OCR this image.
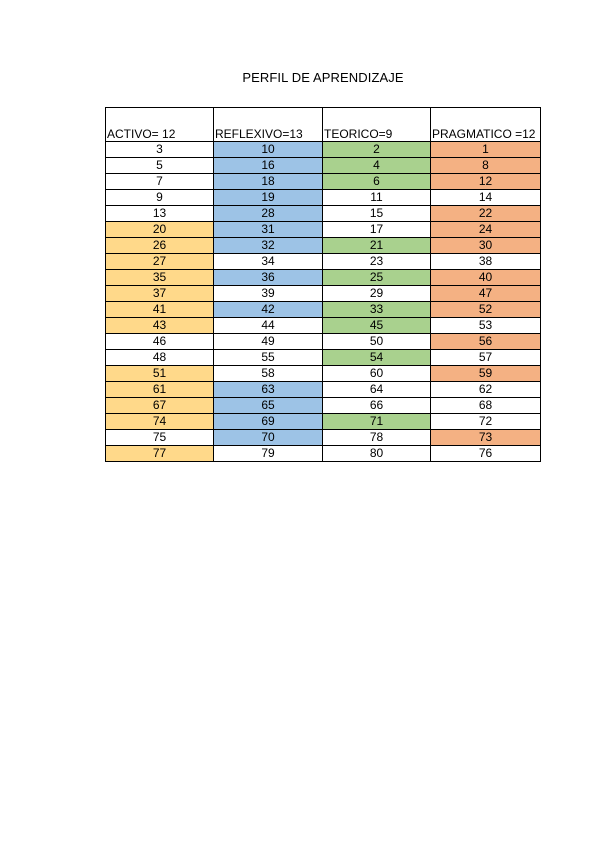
PERFIL DE APRENDIZAJE
ACTIVO= 12	REFLEXIVO=13	TEORICO=9	PRAGMATICO =12
3	10	2	1
5	16	4	8
7	18	6	12
9	19	11	14
13	28	15	22
20	31	17	24
26	32	21	30
27	34	23	38
35	36	25	40
37	39	29	47
41	42	33	52
43	44	45	53
46	49	50	56
48	55	54	57
51	58	60	59
61	63	64	62
67	65	66	68
74	69	71	72
75	70	78	73
77	79	80	76
